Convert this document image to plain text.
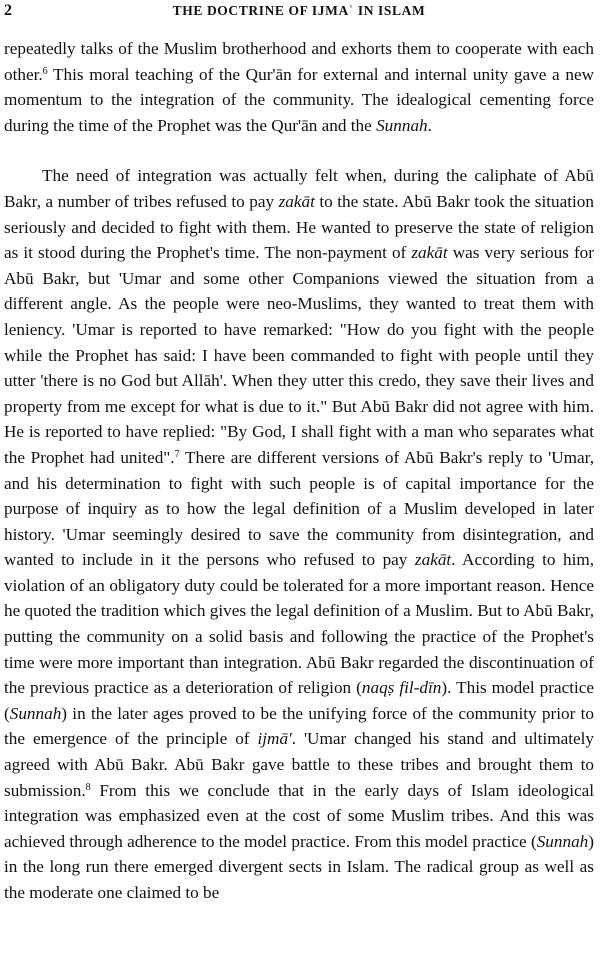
2	THE DOCTRINE OF IJMAʿ IN ISLAM

repeatedly talks of the Muslim brotherhood and exhorts them to cooperate with each other.$^6$ This moral teaching of the Qur'ān for external and internal unity gave a new momentum to the integration of the community. The idealogical cementing force during the time of the Prophet was the Qur'ān and the Sunnah.

The need of integration was actually felt when, during the caliphate of Abū Bakr, a number of tribes refused to pay zakāt to the state. Abū Bakr took the situation seriously and decided to fight with them. He wanted to preserve the state of religion as it stood during the Prophet's time. The non-payment of zakāt was very serious for Abū Bakr, but 'Umar and some other Companions viewed the situation from a different angle. As the people were neo-Muslims, they wanted to treat them with leniency. 'Umar is reported to have remarked: "How do you fight with the people while the Prophet has said: I have been commanded to fight with people until they utter 'there is no God but Allāh'. When they utter this credo, they save their lives and property from me except for what is due to it." But Abū Bakr did not agree with him. He is reported to have replied: "By God, I shall fight with a man who separates what the Prophet had united".$^7$ There are different versions of Abū Bakr's reply to 'Umar, and his determination to fight with such people is of capital importance for the purpose of inquiry as to how the legal definition of a Muslim developed in later history. 'Umar seemingly desired to save the community from disintegration, and wanted to include in it the persons who refused to pay zakāt. According to him, violation of an obligatory duty could be tolerated for a more important reason. Hence he quoted the tradition which gives the legal definition of a Muslim. But to Abū Bakr, putting the community on a solid basis and following the practice of the Prophet's time were more important than integration. Abū Bakr regarded the discontinuation of the previous practice as a deterioration of religion (naqṣ fil-dīn). This model practice (Sunnah) in the later ages proved to be the unifying force of the community prior to the emergence of the principle of ijmā'. 'Umar changed his stand and ultimately agreed with Abū Bakr. Abū Bakr gave battle to these tribes and brought them to submission.$^8$ From this we conclude that in the early days of Islam ideological integration was emphasized even at the cost of some Muslim tribes. And this was achieved through adherence to the model practice. From this model practice (Sunnah) in the long run there emerged divergent sects in Islam. The radical group as well as the moderate one claimed to be
